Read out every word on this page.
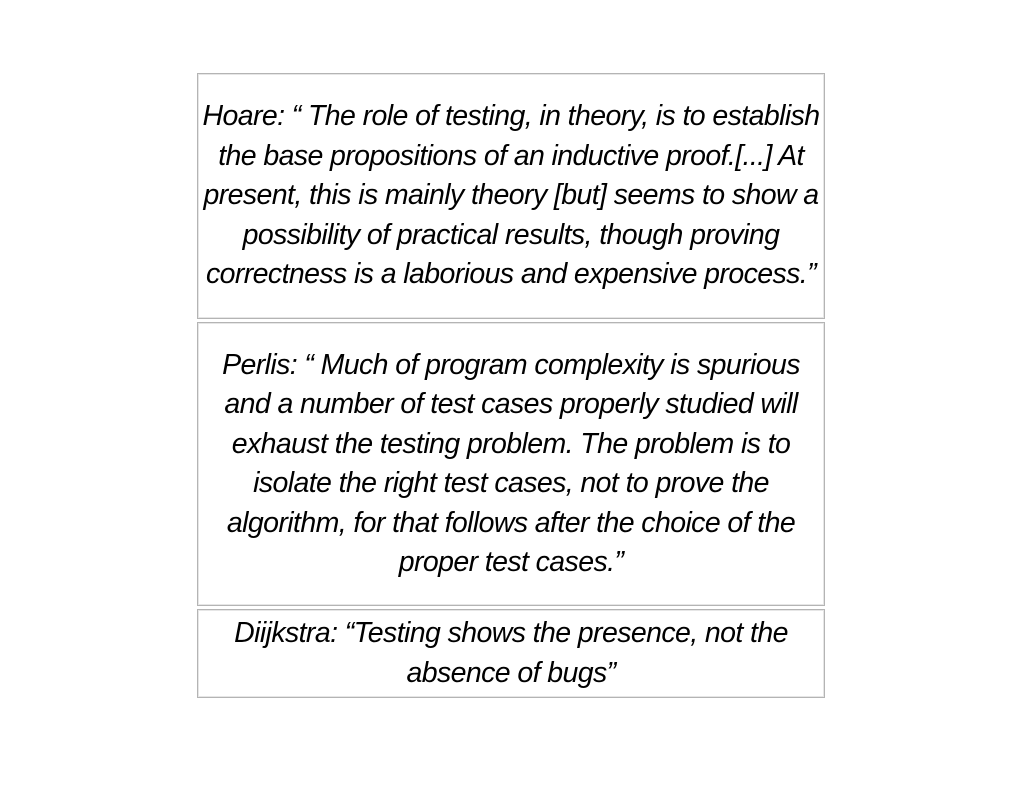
Hoare: “ The role of testing, in theory, is to establish the base propositions of an inductive proof.[...] At present, this is mainly theory [but] seems to show a possibility of practical results, though proving correctness is a laborious and expensive process.”

Perlis: “ Much of program complexity is spurious and a number of test cases properly studied will exhaust the testing problem. The problem is to isolate the right test cases, not to prove the algorithm, for that follows after the choice of the proper test cases.”

Diijkstra: “Testing shows the presence, not the absence of bugs”
